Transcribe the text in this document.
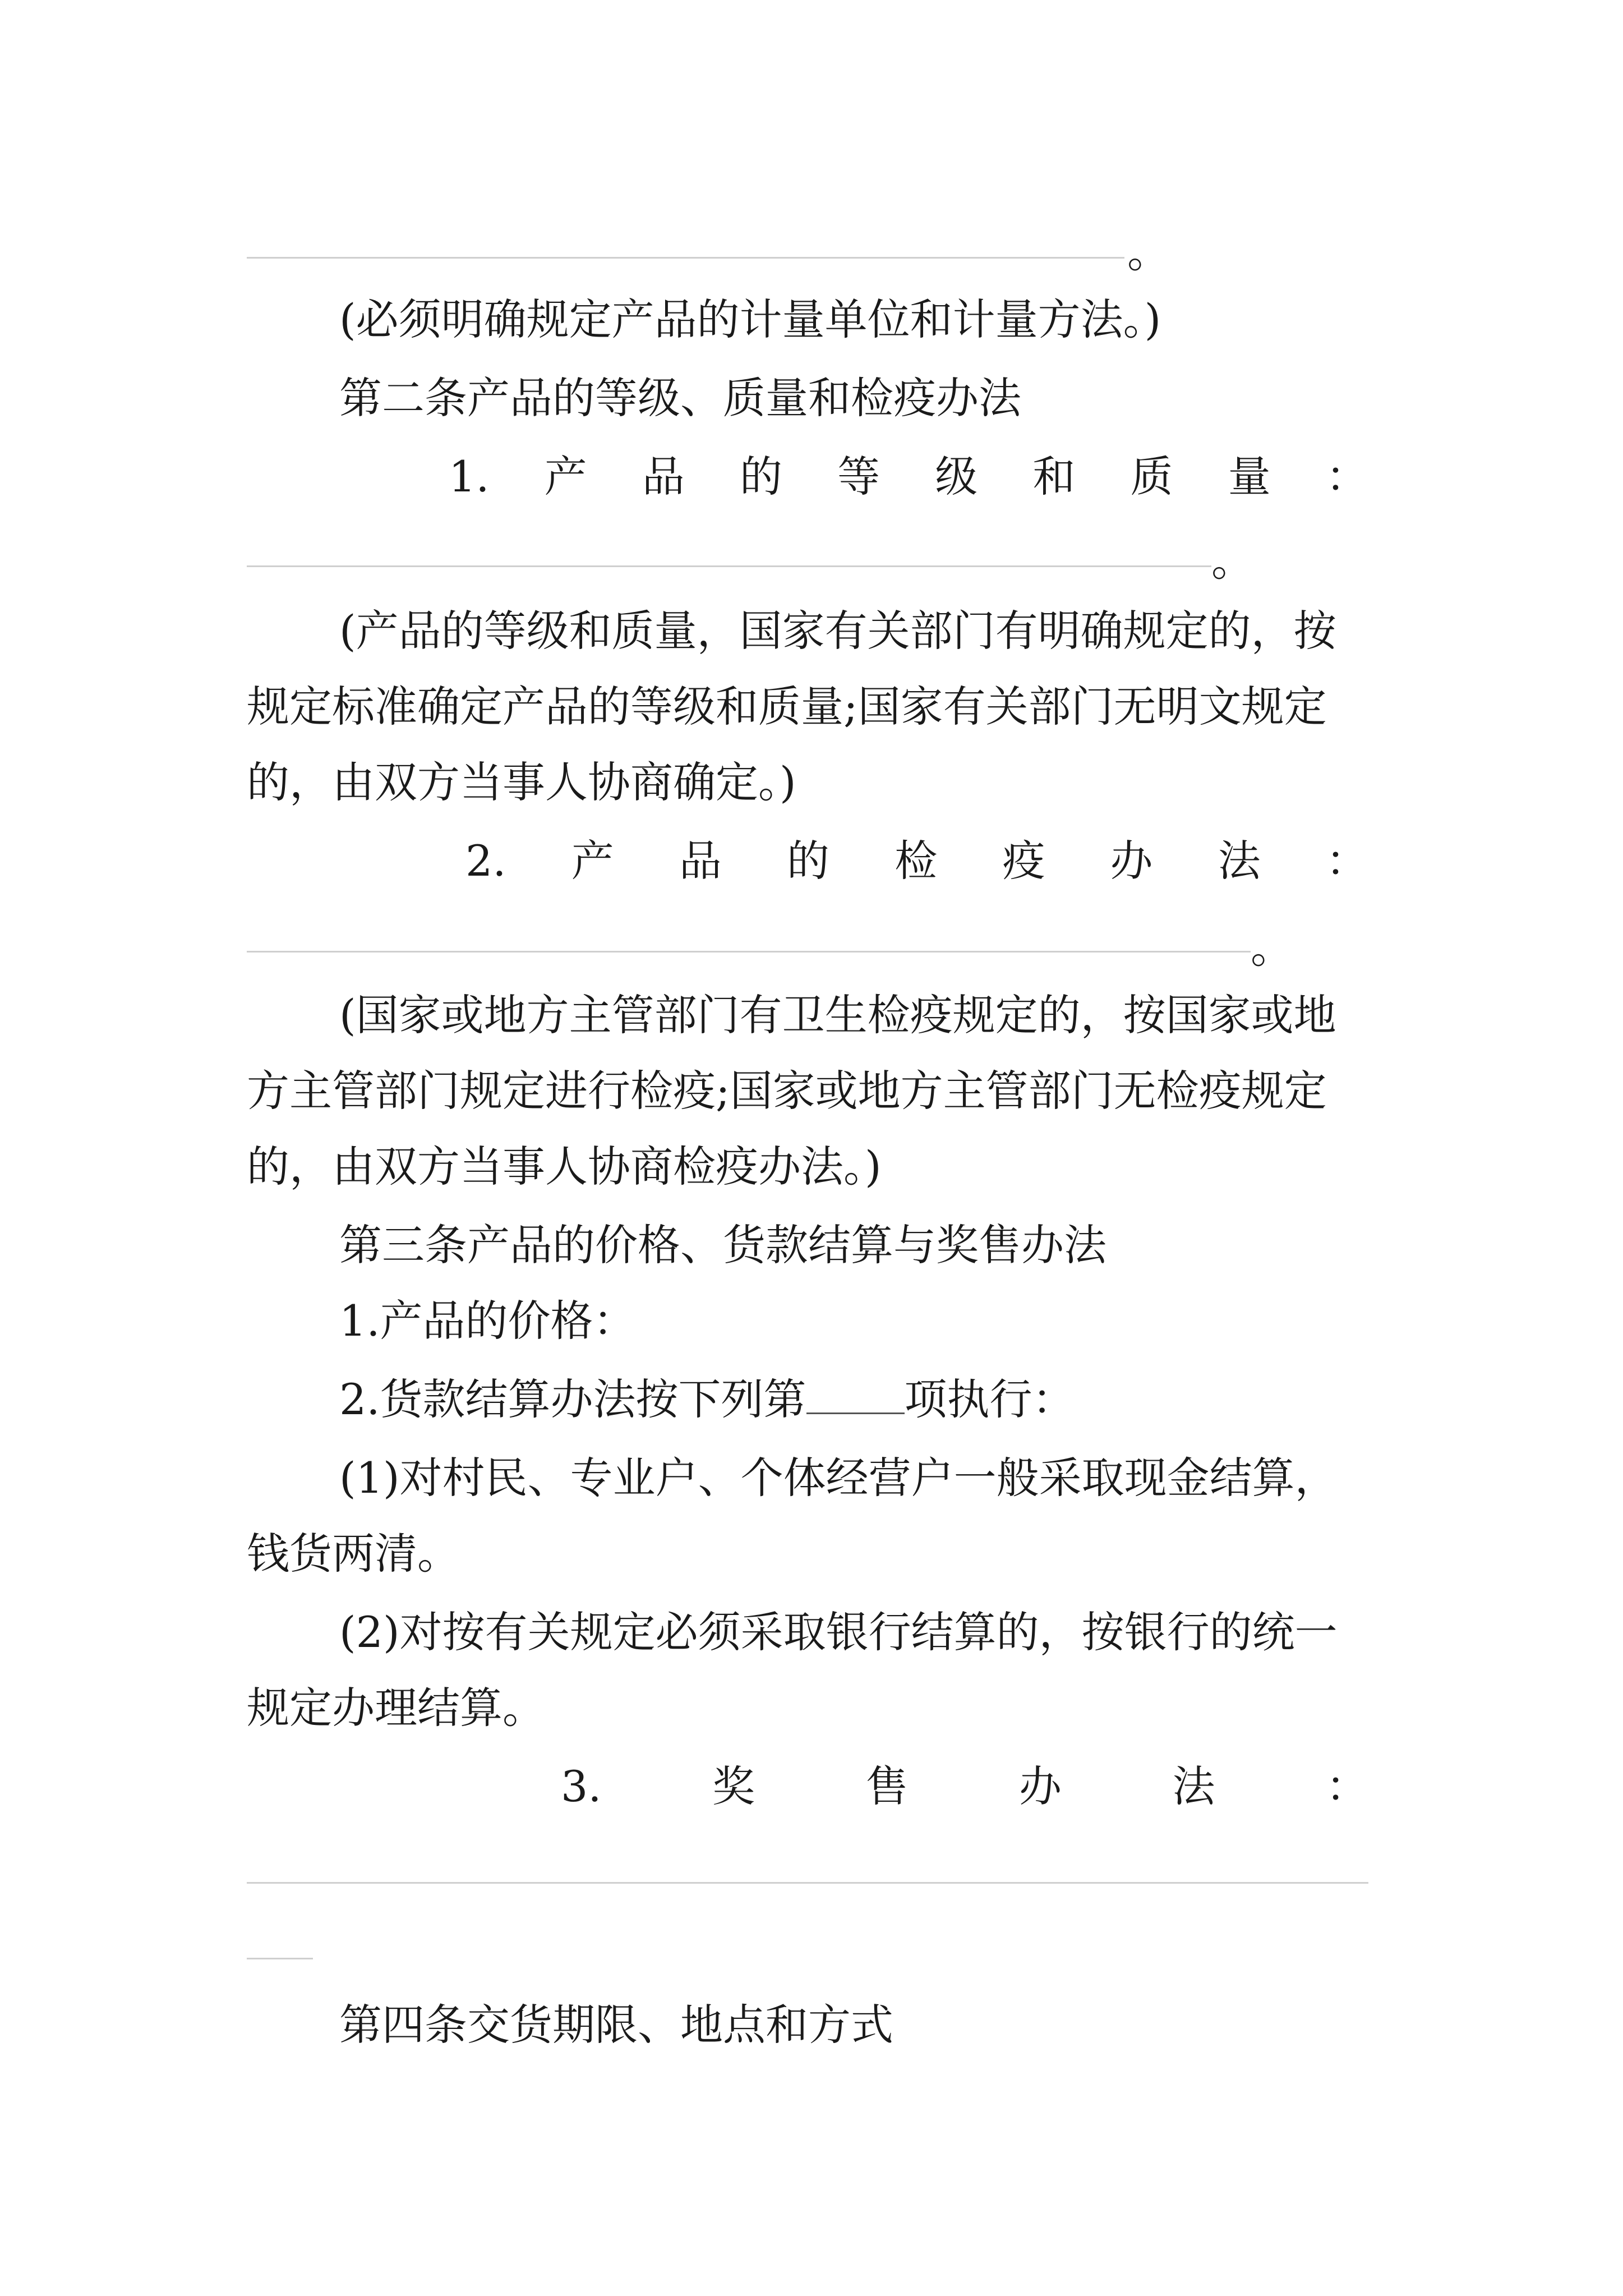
。
(必须明确规定产品的计量单位和计量方法。)
第二条产品的等级、质量和检疫办法
1. 产 品 的 等 级 和 质 量 ：
。
(产品的等级和质量，国家有关部门有明确规定的，按
规定标准确定产品的等级和质量;国家有关部门无明文规定
的，由双方当事人协商确定。)
2. 产 品 的 检 疫 办 法 ：
。
(国家或地方主管部门有卫生检疫规定的，按国家或地
方主管部门规定进行检疫;国家或地方主管部门无检疫规定
的，由双方当事人协商检疫办法。)
第三条产品的价格、货款结算与奖售办法
1.产品的价格：
2.货款结算办法按下列第 项执行：
(1)对村民、专业户、个体经营户一般采取现金结算，
钱货两清。
(2)对按有关规定必须采取银行结算的，按银行的统一
规定办理结算。
3.	奖	售	办	法	：
第四条交货期限、地点和方式
